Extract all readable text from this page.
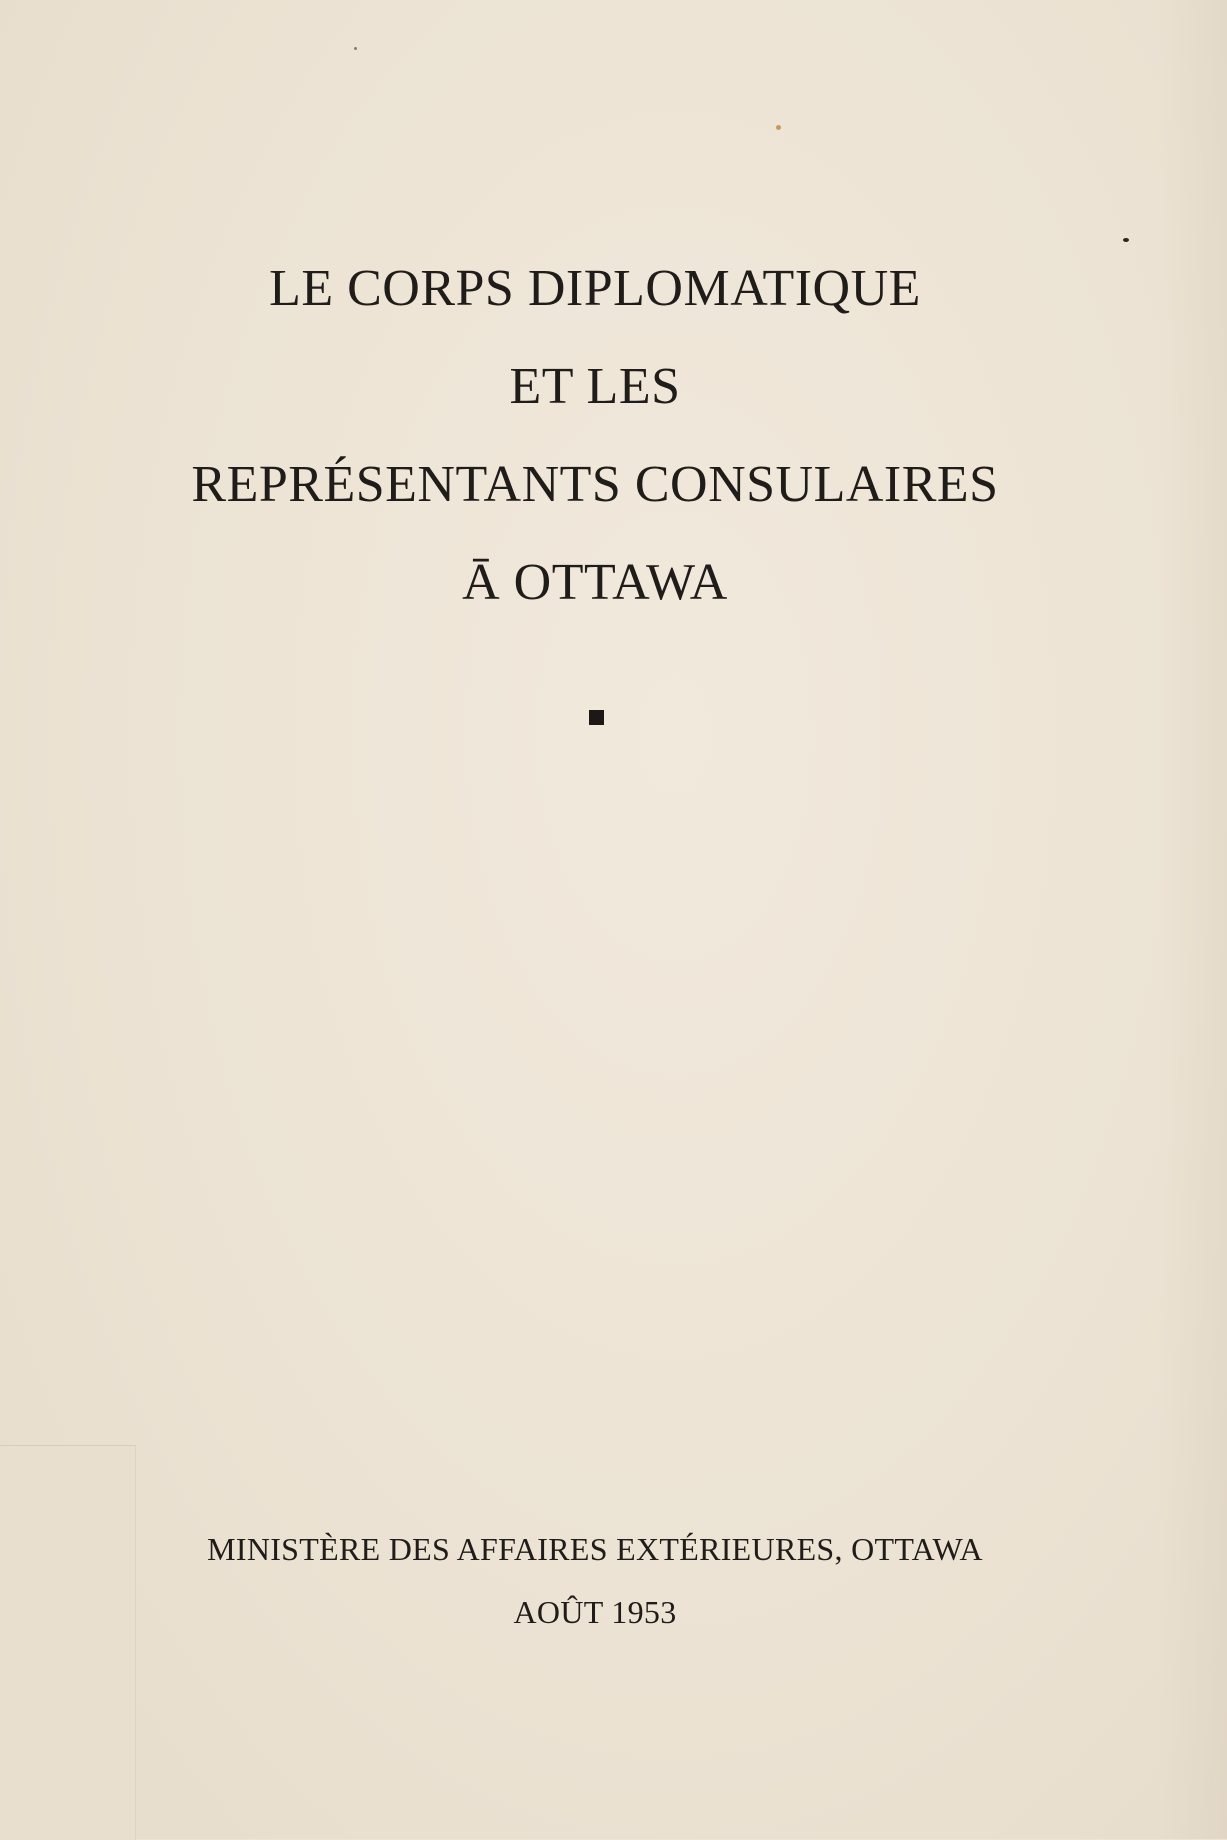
LE CORPS DIPLOMATIQUE
ET LES
REPRÉSENTANTS CONSULAIRES
Ā OTTAWA
MINISTÈRE DES AFFAIRES EXTÉRIEURES, OTTAWA
AOÛT 1953
